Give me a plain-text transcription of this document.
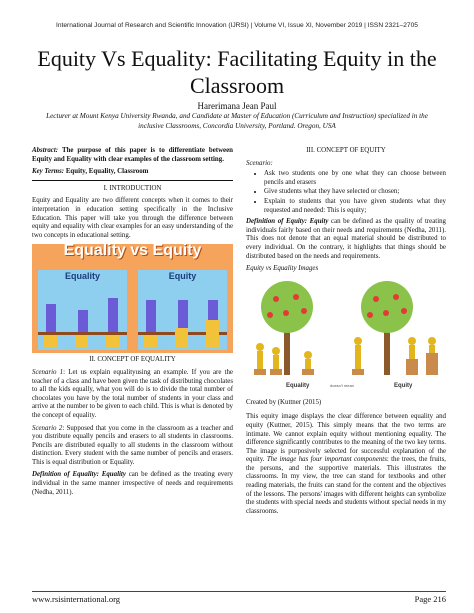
International Journal of Research and Scientific Innovation (IJRSI) | Volume VI, Issue XI, November 2019 | ISSN 2321–2705
Equity Vs Equality: Facilitating Equity in the Classroom
Harerimana Jean Paul
Lecturer at Mount Kenya University Rwanda, and Candidate at Master of Education (Curriculum and Instruction) specialized in the inclusive Classrooms, Concordia University, Portland. Oregon, USA

Abstract: The purpose of this paper is to differentiate between Equity and Equality with clear examples of the classroom setting.

Key Terms: Equity, Equality, Classroom

I. INTRODUCTION

Equity and Equality are two different concepts when it comes to their interpretation in education setting specifically in the Inclusive Education. This paper will take you through the difference between equity and equality with clear examples for an easy understanding of the two concepts in educational setting.

Equality vs Equity
Equality	Equity
II. CONCEPT OF EQUALITY

Scenario 1: Let us explain equalityusing an example. If you are the teacher of a class and have been given the task of distributing chocolates to all the kids equally, what you will do is to divide the total number of chocolates you have by the total number of students in your class and arrive at the number to be given to each child. This is what is denoted by the concept of equality.

Scenario 2: Supposed that you come in the classroom as a teacher and you distribute equally pencils and erasers to all students in classrooms. Pencils are distributed equally to all students in the classroom without distinction. Every student with the same number of pencils and erasers. This is equal distribution or Equality.

Definition of Equality: Equality can be defined as the treating every individual in the same manner irrespective of needs and requirements (Nedha, 2011).

III. CONCEPT OF EQUITY
Scenario:
• Ask two students one by one what they can choose between pencils and erasers
• Give students what they have selected or chosen;
• Explain to students that you have given students what they requested and needed: This is equity;

Definition of Equity: Equity can be defined as the quality of treating individuals fairly based on their needs and requirements (Nedha, 2011). This does not denote that an equal material should be distributed to every individual. On the contrary, it highlights that things should be distributed based on the needs and requirements.

Equity vs Equality Images
Equality	doesn't mean	Equity

Created by (Kuttner (2015)

This equity image displays the clear difference between equality and equity (Kuttner, 2015). This simply means that the two terms are intimate. We cannot explain equity without mentioning equality. The difference significantly contributes to the meaning of the two key terms. The image is purposively selected for successful explanation of the equity. The image has four important components: the trees, the fruits, the persons, and the supportive materials. This illustrates the classrooms. In my view, the tree can stand for textbooks and other reading materials, the fruits can stand for the content and the objectives of the lessons. The persons' images with different heights can symbolize the students with special needs and students without special needs in my classrooms.

www.rsisinternational.org	Page 216
